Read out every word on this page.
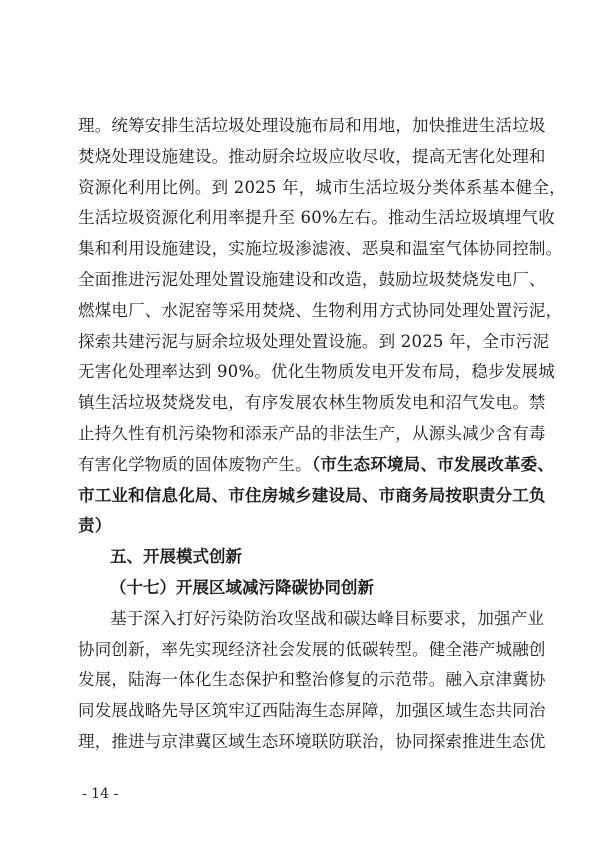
理。统筹安排生活垃圾处理设施布局和用地，加快推进生活垃圾
焚烧处理设施建设。推动厨余垃圾应收尽收，提高无害化处理和
资源化利用比例。到 2025 年，城市生活垃圾分类体系基本健全，
生活垃圾资源化利用率提升至 60%左右。推动生活垃圾填埋气收
集和利用设施建设，实施垃圾渗滤液、恶臭和温室气体协同控制。
全面推进污泥处理处置设施建设和改造，鼓励垃圾焚烧发电厂、
燃煤电厂、水泥窑等采用焚烧、生物利用方式协同处理处置污泥，
探索共建污泥与厨余垃圾处理处置设施。到 2025 年，全市污泥
无害化处理率达到 90%。优化生物质发电开发布局，稳步发展城
镇生活垃圾焚烧发电，有序发展农林生物质发电和沼气发电。禁
止持久性有机污染物和添汞产品的非法生产，从源头减少含有毒
有害化学物质的固体废物产生。（市生态环境局、市发展改革委、
市工业和信息化局、市住房城乡建设局、市商务局按职责分工负
责）
五、开展模式创新
（十七）开展区域减污降碳协同创新
基于深入打好污染防治攻坚战和碳达峰目标要求，加强产业
协同创新，率先实现经济社会发展的低碳转型。健全港产城融创
发展，陆海一体化生态保护和整治修复的示范带。融入京津冀协
同发展战略先导区筑牢辽西陆海生态屏障，加强区域生态共同治
理，推进与京津冀区域生态环境联防联治，协同探索推进生态优
- 14 -
